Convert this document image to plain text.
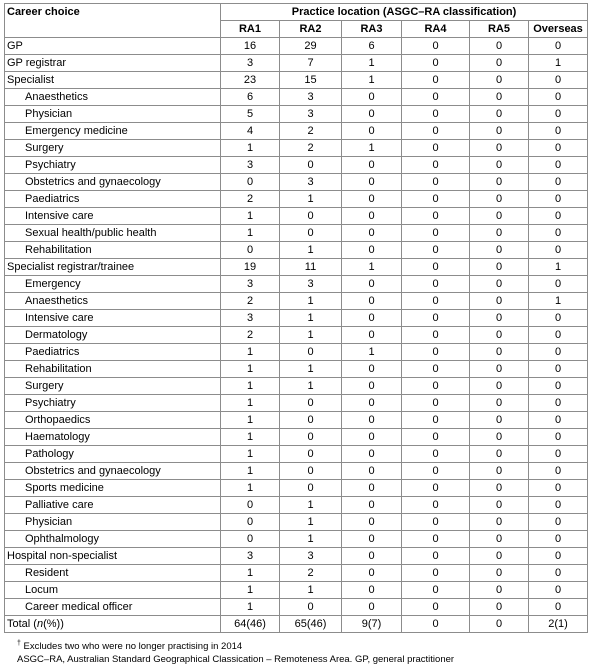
Career choice	Practice location (ASGC–RA classification)					
	RA1	RA2	RA3	RA4	RA5	Overseas
GP	16	29	6	0	0	0
GP registrar	3	7	1	0	0	1
Specialist	23	15	1	0	0	0
Anaesthetics	6	3	0	0	0	0
Physician	5	3	0	0	0	0
Emergency medicine	4	2	0	0	0	0
Surgery	1	2	1	0	0	0
Psychiatry	3	0	0	0	0	0
Obstetrics and gynaecology	0	3	0	0	0	0
Paediatrics	2	1	0	0	0	0
Intensive care	1	0	0	0	0	0
Sexual health/public health	1	0	0	0	0	0
Rehabilitation	0	1	0	0	0	0
Specialist registrar/trainee	19	11	1	0	0	1
Emergency	3	3	0	0	0	0
Anaesthetics	2	1	0	0	0	1
Intensive care	3	1	0	0	0	0
Dermatology	2	1	0	0	0	0
Paediatrics	1	0	1	0	0	0
Rehabilitation	1	1	0	0	0	0
Surgery	1	1	0	0	0	0
Psychiatry	1	0	0	0	0	0
Orthopaedics	1	0	0	0	0	0
Haematology	1	0	0	0	0	0
Pathology	1	0	0	0	0	0
Obstetrics and gynaecology	1	0	0	0	0	0
Sports medicine	1	0	0	0	0	0
Palliative care	0	1	0	0	0	0
Physician	0	1	0	0	0	0
Ophthalmology	0	1	0	0	0	0
Hospital non-specialist	3	3	0	0	0	0
Resident	1	2	0	0	0	0
Locum	1	1	0	0	0	0
Career medical officer	1	0	0	0	0	0
Total (n(%))	64(46)	65(46)	9(7)	0	0	2(1)
† Excludes two who were no longer practising in 2014
ASGC–RA, Australian Standard Geographical Classication – Remoteness Area. GP, general practitioner
